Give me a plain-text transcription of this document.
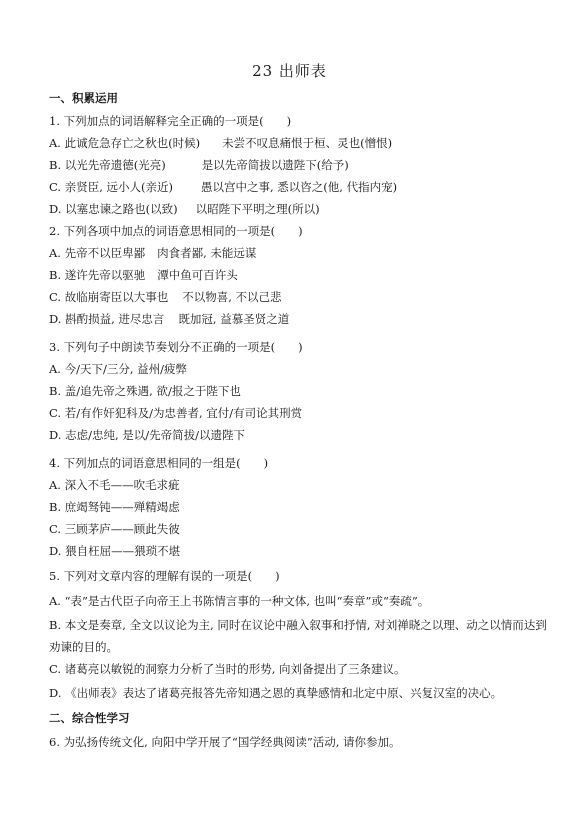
23 出师表
一、积累运用
1. 下列加点的词语解释完全正确的一项是(　　)
A. 此诚危急存亡之秋也(时候) 未尝不叹息痛恨于桓、灵也(憎恨)
B. 以光先帝遗德(光亮)	是以先帝简拔以遗陛下(给予)
C. 亲贤臣, 远小人(亲近) 愚以宫中之事, 悉以咨之(他, 代指内宠)
D. 以塞忠谏之路也(以致) 以昭陛下平明之理(所以)
2. 下列各项中加点的词语意思相同的一项是(　　)
A. 先帝不以臣卑鄙 肉食者鄙, 未能远谋
B. 遂许先帝以驱驰 潭中鱼可百许头
C. 故临崩寄臣以大事也 不以物喜, 不以己悲
D. 斟酌损益, 进尽忠言 既加冠, 益慕圣贤之道
3. 下列句子中朗读节奏划分不正确的一项是(　　)
A. 今/天下/三分, 益州/疲弊
B. 盖/追先帝之殊遇, 欲/报之于陛下也
C. 若/有作奸犯科及/为忠善者, 宜付/有司论其刑赏
D. 志虑/忠纯, 是以/先帝简拔/以遗陛下
4. 下列加点的词语意思相同的一组是(　　)
A. 深入不毛——吹毛求疵
B. 庶竭驽钝——殚精竭虑
C. 三顾茅庐——顾此失彼
D. 猥自枉屈——猥琐不堪
5. 下列对文章内容的理解有误的一项是(　　)
A. “表”是古代臣子向帝王上书陈情言事的一种文体, 也叫“奏章”或“奏疏”。
B. 本文是奏章, 全文以议论为主, 同时在议论中融入叙事和抒情, 对刘禅晓之以理、动之以情而达到劝谏的目的。
C. 诸葛亮以敏锐的洞察力分析了当时的形势, 向刘备提出了三条建议。
D. 《出师表》表达了诸葛亮报答先帝知遇之恩的真挚感情和北定中原、兴复汉室的决心。
二、综合性学习
6. 为弘扬传统文化, 向阳中学开展了“国学经典阅读”活动, 请你参加。
